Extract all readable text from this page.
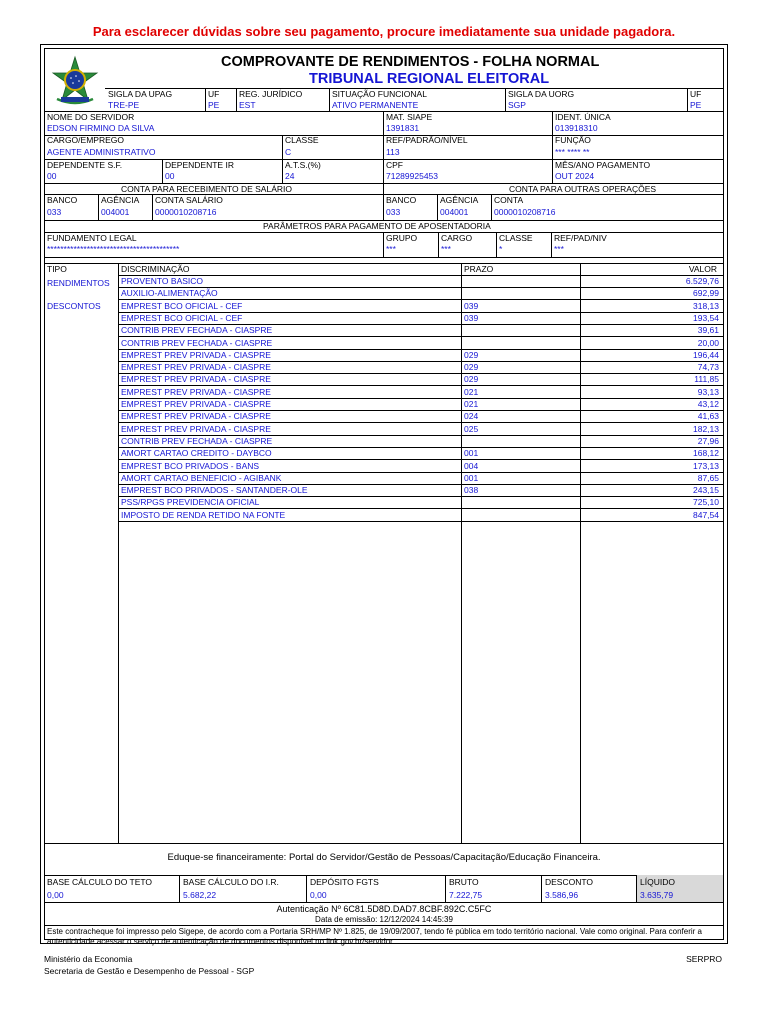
Para esclarecer dúvidas sobre seu pagamento, procure imediatamente sua unidade pagadora.
COMPROVANTE DE RENDIMENTOS - FOLHA NORMAL
TRIBUNAL REGIONAL ELEITORAL
SIGLA DA UPAG
TRE-PE
UF
PE
REG. JURÍDICO
EST
SITUAÇÃO FUNCIONAL
ATIVO PERMANENTE
SIGLA DA UORG
SGP
UF
PE
NOME DO SERVIDOR
EDSON FIRMINO DA SILVA
MAT. SIAPE
1391831
IDENT. ÚNICA
013918310
CARGO/EMPREGO
AGENTE ADMINISTRATIVO
CLASSE
C
REF/PADRÃO/NÍVEL
113
FUNÇÃO
*** **** **
DEPENDENTE S.F.
00
DEPENDENTE IR
00
A.T.S.(%)
24
CPF
71289925453
MÊS/ANO PAGAMENTO
OUT 2024
CONTA PARA RECEBIMENTO DE SALÁRIO	CONTA PARA OUTRAS OPERAÇÕES
BANCO
033
AGÊNCIA
004001
CONTA SALÁRIO
0000010208716
BANCO
033
AGÊNCIA
004001
CONTA
0000010208716
PARÂMETROS PARA PAGAMENTO DE APOSENTADORIA
FUNDAMENTO LEGAL
****************************************
GRUPO
***
CARGO
***
CLASSE
*
REF/PAD/NIV
***
TIPO	DISCRIMINAÇÃO	PRAZO	VALOR
RENDIMENTOS
DESCONTOS
PROVENTO BASICO	6.529,76
AUXILIO-ALIMENTAÇÃO	692,99
EMPREST BCO OFICIAL - CEF	039	318,13
EMPREST BCO OFICIAL - CEF	039	193,54
CONTRIB PREV FECHADA - CIASPRE	39,61
CONTRIB PREV FECHADA - CIASPRE	20,00
EMPREST PREV PRIVADA - CIASPRE	029	196,44
EMPREST PREV PRIVADA - CIASPRE	029	74,73
EMPREST PREV PRIVADA - CIASPRE	029	111,85
EMPREST PREV PRIVADA - CIASPRE	021	93,13
EMPREST PREV PRIVADA - CIASPRE	021	43,12
EMPREST PREV PRIVADA - CIASPRE	024	41,63
EMPREST PREV PRIVADA - CIASPRE	025	182,13
CONTRIB PREV FECHADA - CIASPRE	27,96
AMORT CARTAO CREDITO - DAYBCO	001	168,12
EMPREST BCO PRIVADOS - BANS	004	173,13
AMORT CARTAO BENEFICIO - AGIBANK	001	87,65
EMPREST BCO PRIVADOS - SANTANDER-OLE	038	243,15
PSS/RPGS PREVIDENCIA OFICIAL	725,10
IMPOSTO DE RENDA RETIDO NA FONTE	847,54
Eduque-se financeiramente: Portal do Servidor/Gestão de Pessoas/Capacitação/Educação Financeira.
BASE CÁLCULO DO TETO
0,00
BASE CÁLCULO DO I.R.
5.682,22
DEPÓSITO FGTS
0,00
BRUTO
7.222,75
DESCONTO
3.586,96
LÍQUIDO
3.635,79
Autenticação Nº 6C81.5D8D.DAD7.8CBF.892C.C5FC
Data de emissão: 12/12/2024 14:45:39
Este contracheque foi impresso pelo Sigepe, de acordo com a Portaria SRH/MP Nº 1.825, de 19/09/2007, tendo fé pública em todo território nacional. Vale como original. Para conferir a autenticidade acessar o serviço de autenticação de documentos disponível no link gov.br/servidor.
Ministério da Economia
Secretaria de Gestão e Desempenho de Pessoal - SGP
SERPRO
